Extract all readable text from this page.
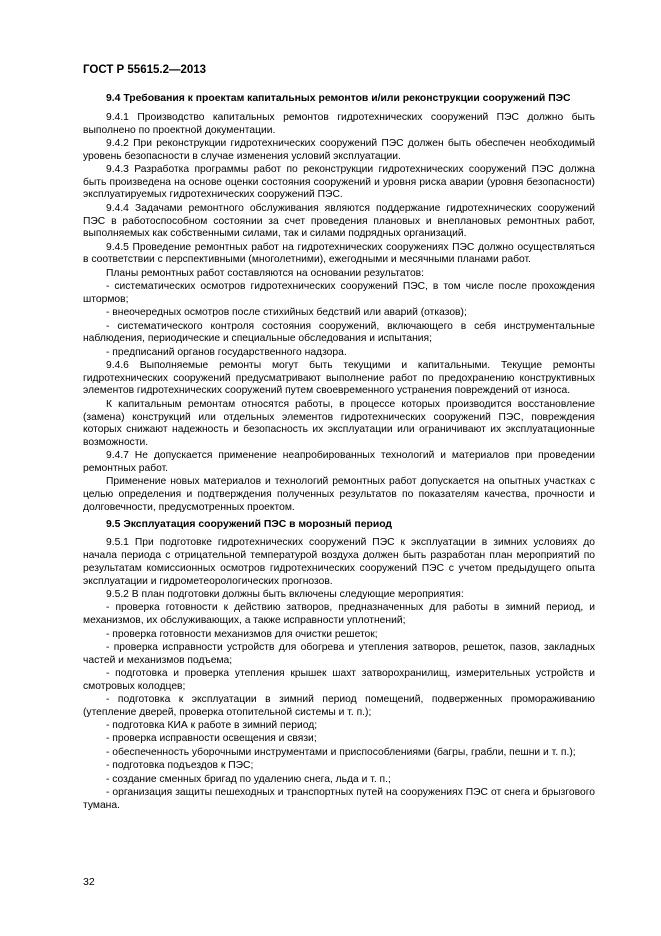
ГОСТ Р 55615.2—2013

9.4 Требования к проектам капитальных ремонтов и/или реконструкции сооружений ПЭС

9.4.1 Производство капитальных ремонтов гидротехнических сооружений ПЭС должно быть выполнено по проектной документации.

9.4.2 При реконструкции гидротехнических сооружений ПЭС должен быть обеспечен необходимый уровень безопасности в случае изменения условий эксплуатации.

9.4.3 Разработка программы работ по реконструкции гидротехнических сооружений ПЭС должна быть произведена на основе оценки состояния сооружений и уровня риска аварии (уровня безопасности) эксплуатируемых гидротехнических сооружений ПЭС.

9.4.4 Задачами ремонтного обслуживания являются поддержание гидротехнических сооружений ПЭС в работоспособном состоянии за счет проведения плановых и внеплановых ремонтных работ, выполняемых как собственными силами, так и силами подрядных организаций.

9.4.5 Проведение ремонтных работ на гидротехнических сооружениях ПЭС должно осуществляться в соответствии с перспективными (многолетними), ежегодными и месячными планами работ.

Планы ремонтных работ составляются на основании результатов:

- систематических осмотров гидротехнических сооружений ПЭС, в том числе после прохождения штормов;

- внеочередных осмотров после стихийных бедствий или аварий (отказов);

- систематического контроля состояния сооружений, включающего в себя инструментальные наблюдения, периодические и специальные обследования и испытания;

- предписаний органов государственного надзора.

9.4.6 Выполняемые ремонты могут быть текущими и капитальными. Текущие ремонты гидротехнических сооружений предусматривают выполнение работ по предохранению конструктивных элементов гидротехнических сооружений путем своевременного устранения повреждений от износа.

К капитальным ремонтам относятся работы, в процессе которых производится восстановление (замена) конструкций или отдельных элементов гидротехнических сооружений ПЭС, повреждения которых снижают надежность и безопасность их эксплуатации или ограничивают их эксплуатационные возможности.

9.4.7 Не допускается применение неапробированных технологий и материалов при проведении ремонтных работ.

Применение новых материалов и технологий ремонтных работ допускается на опытных участках с целью определения и подтверждения полученных результатов по показателям качества, прочности и долговечности, предусмотренных проектом.

9.5 Эксплуатация сооружений ПЭС в морозный период

9.5.1 При подготовке гидротехнических сооружений ПЭС к эксплуатации в зимних условиях до начала периода с отрицательной температурой воздуха должен быть разработан план мероприятий по результатам комиссионных осмотров гидротехнических сооружений ПЭС с учетом предыдущего опыта эксплуатации и гидрометеорологических прогнозов.

9.5.2 В план подготовки должны быть включены следующие мероприятия:

- проверка готовности к действию затворов, предназначенных для работы в зимний период, и механизмов, их обслуживающих, а также исправности уплотнений;

- проверка готовности механизмов для очистки решеток;

- проверка исправности устройств для обогрева и утепления затворов, решеток, пазов, закладных частей и механизмов подъема;

- подготовка и проверка утепления крышек шахт затворохранилищ, измерительных устройств и смотровых колодцев;

- подготовка к эксплуатации в зимний период помещений, подверженных промораживанию (утепление дверей, проверка отопительной системы и т. п.);

- подготовка КИА к работе в зимний период;

- проверка исправности освещения и связи;

- обеспеченность уборочными инструментами и приспособлениями (багры, грабли, пешни и т. п.);

- подготовка подъездов к ПЭС;

- создание сменных бригад по удалению снега, льда и т. п.;

- организация защиты пешеходных и транспортных путей на сооружениях ПЭС от снега и брызгового тумана.

32
